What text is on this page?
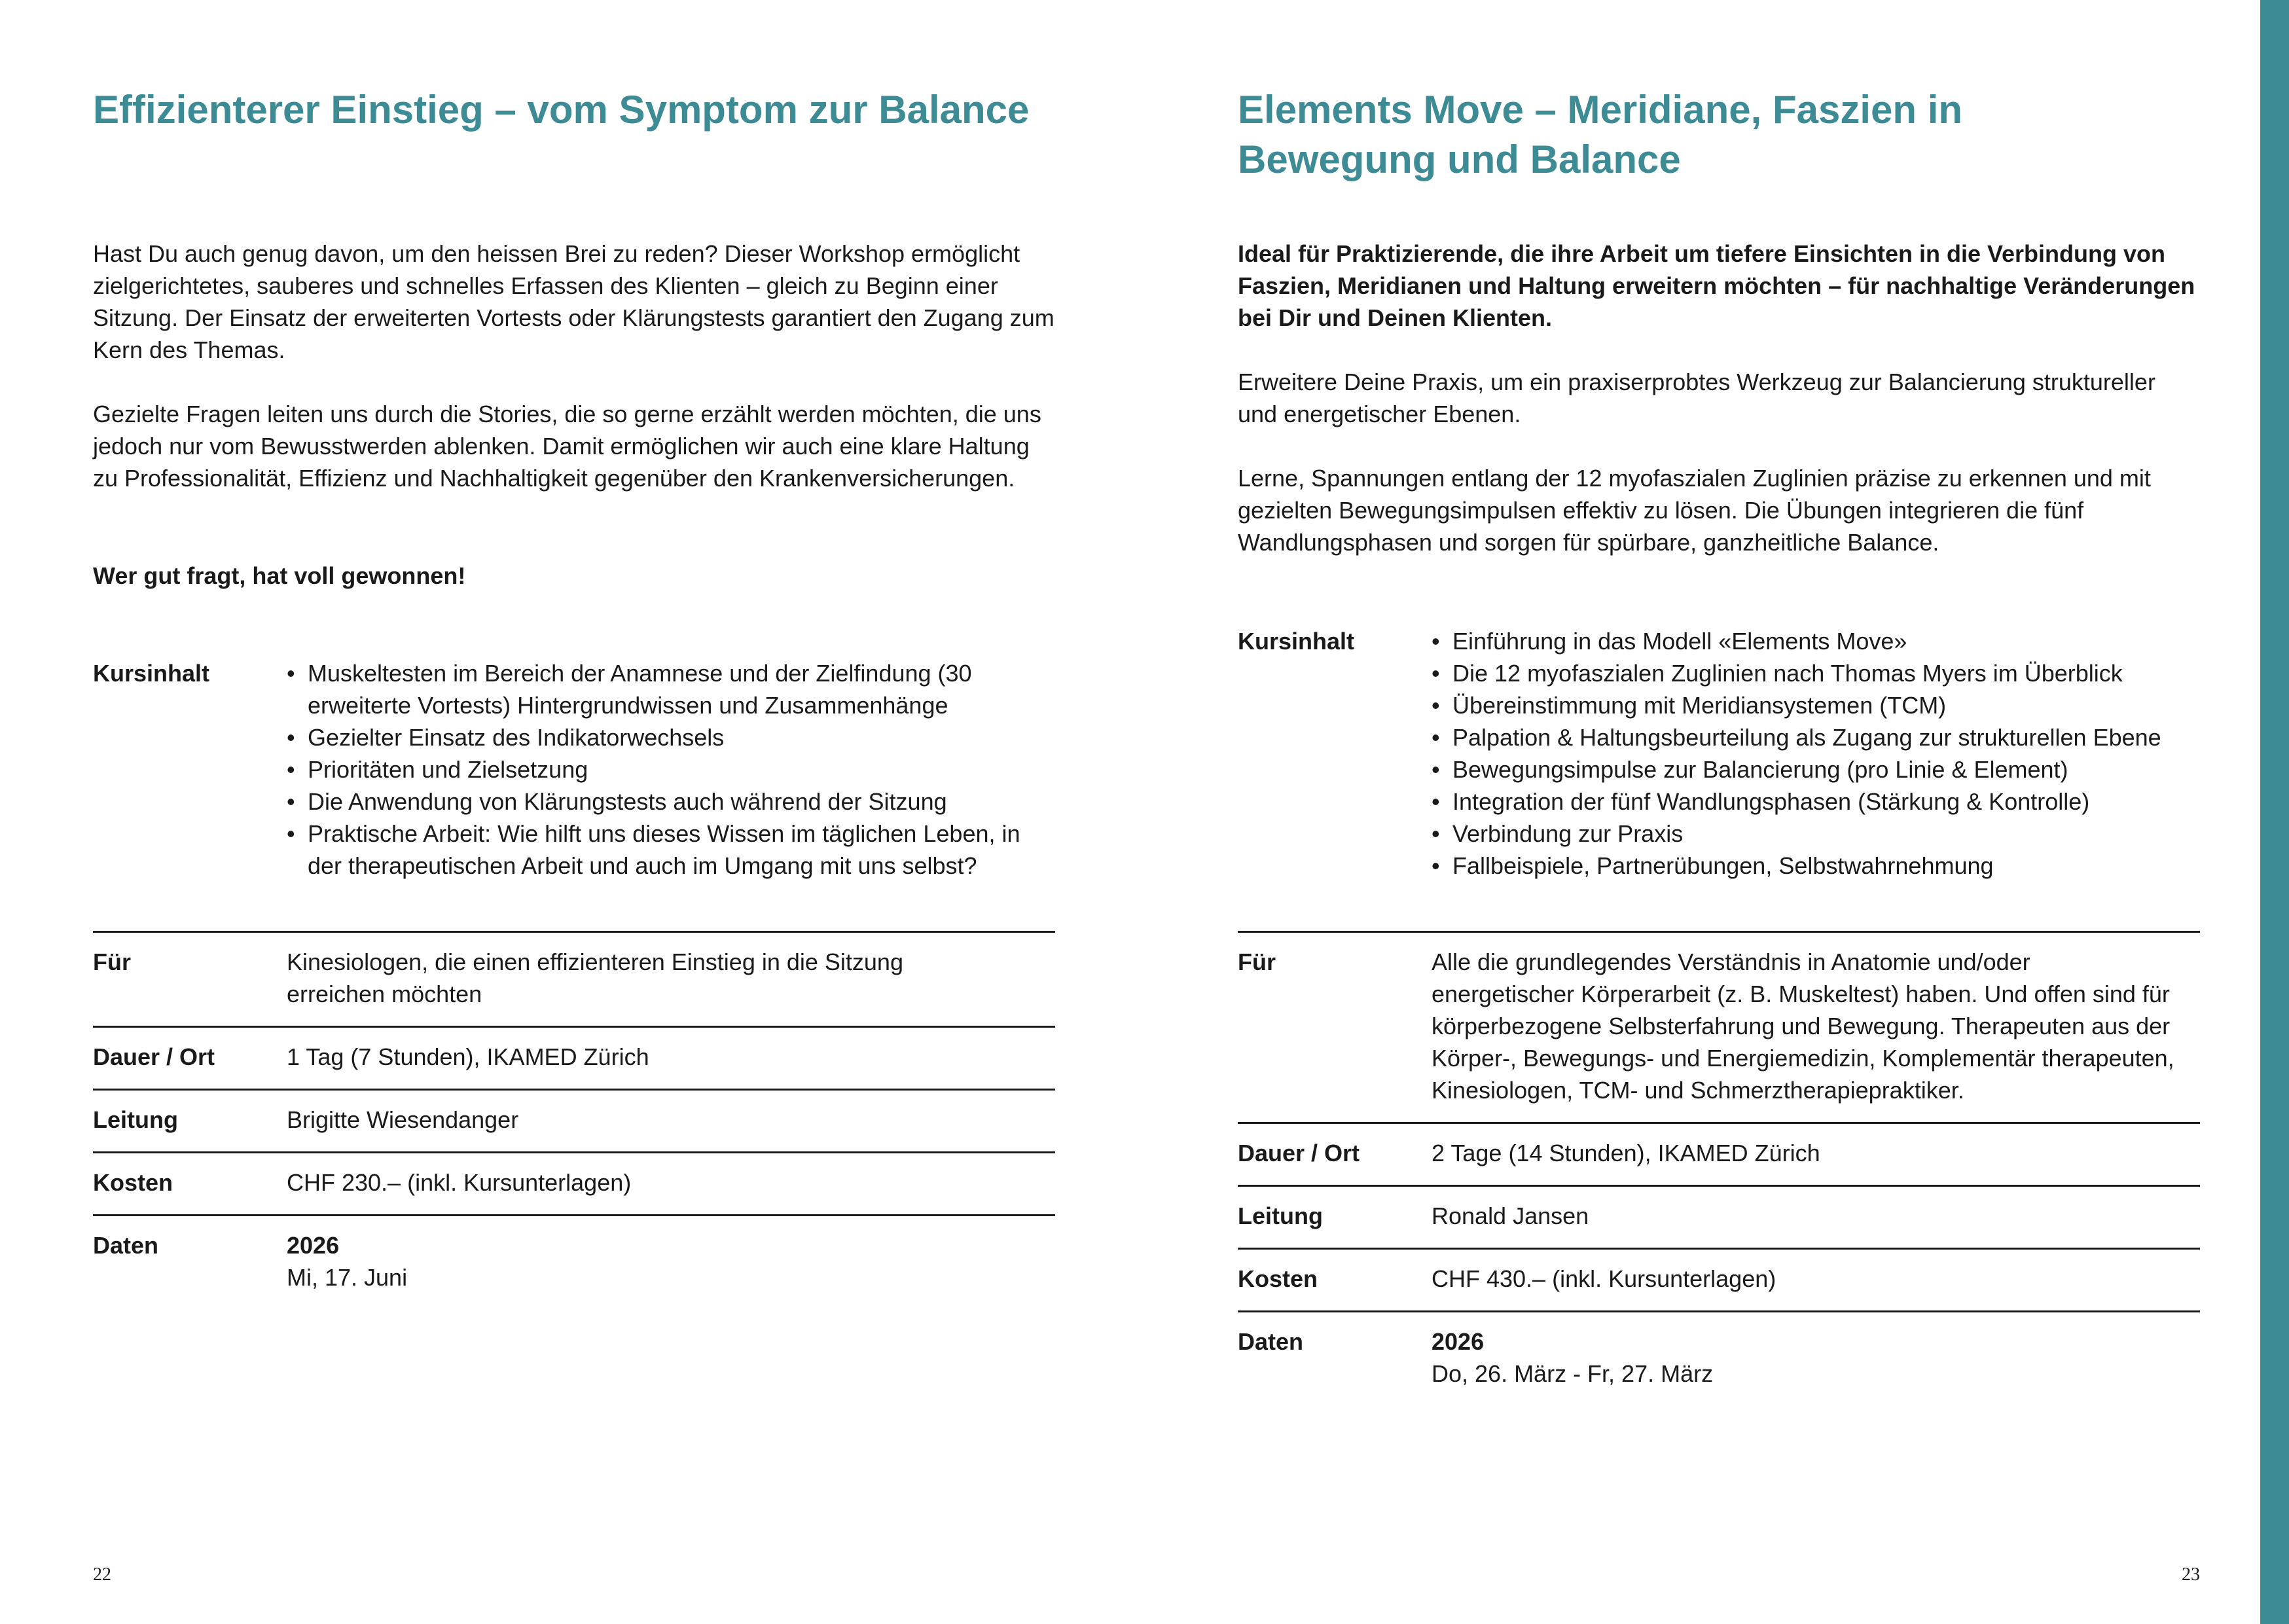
Effizienterer Einstieg – vom Symptom zur Balance

Hast Du auch genug davon, um den heissen Brei zu reden? Dieser Workshop ermöglicht zielgerichtetes, sauberes und schnelles Erfassen des Klienten – gleich zu Beginn einer Sitzung. Der Einsatz der erweiterten Vortests oder Klärungstests garantiert den Zugang zum Kern des Themas.

Gezielte Fragen leiten uns durch die Stories, die so gerne erzählt werden möchten, die uns jedoch nur vom Bewusstwerden ablenken. Damit ermöglichen wir auch eine klare Haltung zu Professionalität, Effizienz und Nachhaltigkeit gegenüber den Krankenversicherungen.

Wer gut fragt, hat voll gewonnen!

Kursinhalt	• Muskeltesten im Bereich der Anamnese und der Zielfindung (30 erweiterte Vortests) Hintergrundwissen und Zusammenhänge
• Gezielter Einsatz des Indikatorwechsels
• Prioritäten und Zielsetzung
• Die Anwendung von Klärungstests auch während der Sitzung
• Praktische Arbeit: Wie hilft uns dieses Wissen im täglichen Leben, in der therapeutischen Arbeit und auch im Umgang mit uns selbst?
Für	Kinesiologen, die einen effizienteren Einstieg in die Sitzung erreichen möchten
Dauer / Ort	1 Tag (7 Stunden), IKAMED Zürich
Leitung	Brigitte Wiesendanger
Kosten	CHF 230.– (inkl. Kursunterlagen)
Daten	2026
Mi, 17. Juni
22
Elements Move – Meridiane, Faszien in Bewegung und Balance

Ideal für Praktizierende, die ihre Arbeit um tiefere Einsichten in die Verbindung von Faszien, Meridianen und Haltung erweitern möchten – für nachhaltige Veränderungen bei Dir und Deinen Klienten.

Erweitere Deine Praxis, um ein praxiserprobtes Werkzeug zur Balancierung struktureller und energetischer Ebenen.

Lerne, Spannungen entlang der 12 myofaszialen Zuglinien präzise zu erkennen und mit gezielten Bewegungsimpulsen effektiv zu lösen. Die Übungen integrieren die fünf Wandlungsphasen und sorgen für spürbare, ganzheitliche Balance.

Kursinhalt	• Einführung in das Modell «Elements Move»
• Die 12 myofaszialen Zuglinien nach Thomas Myers im Überblick
• Übereinstimmung mit Meridiansystemen (TCM)
• Palpation & Haltungsbeurteilung als Zugang zur strukturellen Ebene
• Bewegungsimpulse zur Balancierung (pro Linie & Element)
• Integration der fünf Wandlungsphasen (Stärkung & Kontrolle)
• Verbindung zur Praxis
• Fallbeispiele, Partnerübungen, Selbstwahrnehmung
Für	Alle die grundlegendes Verständnis in Anatomie und/oder energetischer Körperarbeit (z. B. Muskeltest) haben. Und offen sind für körperbezogene Selbsterfahrung und Bewegung. Therapeuten aus der Körper-, Bewegungs- und Energiemedizin, Komplementär therapeuten, Kinesiologen, TCM- und Schmerztherapiepraktiker.
Dauer / Ort	2 Tage (14 Stunden), IKAMED Zürich
Leitung	Ronald Jansen
Kosten	CHF 430.– (inkl. Kursunterlagen)
Daten	2026
Do, 26. März - Fr, 27. März
23
